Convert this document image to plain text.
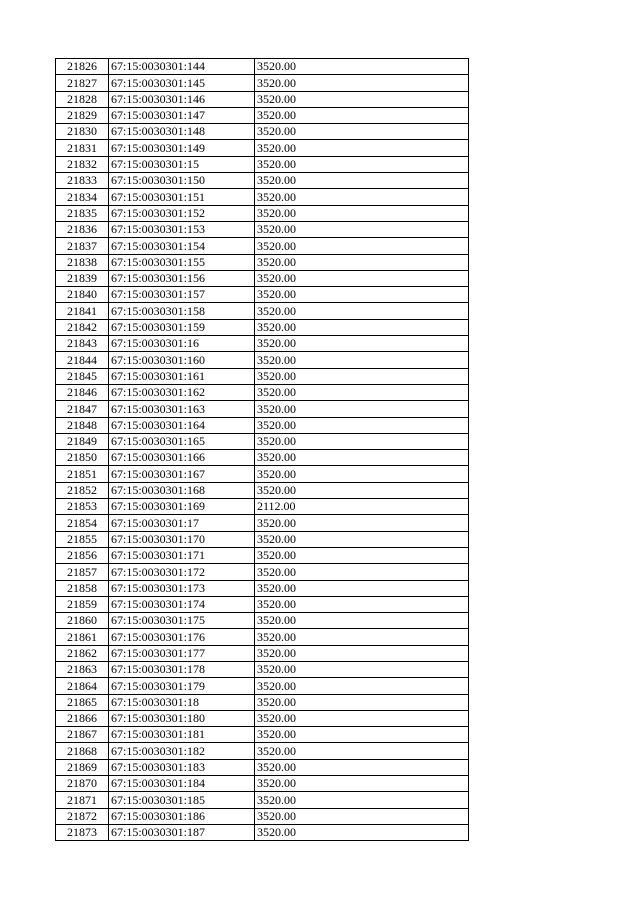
21826	67:15:0030301:144	3520.00
21827	67:15:0030301:145	3520.00
21828	67:15:0030301:146	3520.00
21829	67:15:0030301:147	3520.00
21830	67:15:0030301:148	3520.00
21831	67:15:0030301:149	3520.00
21832	67:15:0030301:15	3520.00
21833	67:15:0030301:150	3520.00
21834	67:15:0030301:151	3520.00
21835	67:15:0030301:152	3520.00
21836	67:15:0030301:153	3520.00
21837	67:15:0030301:154	3520.00
21838	67:15:0030301:155	3520.00
21839	67:15:0030301:156	3520.00
21840	67:15:0030301:157	3520.00
21841	67:15:0030301:158	3520.00
21842	67:15:0030301:159	3520.00
21843	67:15:0030301:16	3520.00
21844	67:15:0030301:160	3520.00
21845	67:15:0030301:161	3520.00
21846	67:15:0030301:162	3520.00
21847	67:15:0030301:163	3520.00
21848	67:15:0030301:164	3520.00
21849	67:15:0030301:165	3520.00
21850	67:15:0030301:166	3520.00
21851	67:15:0030301:167	3520.00
21852	67:15:0030301:168	3520.00
21853	67:15:0030301:169	2112.00
21854	67:15:0030301:17	3520.00
21855	67:15:0030301:170	3520.00
21856	67:15:0030301:171	3520.00
21857	67:15:0030301:172	3520.00
21858	67:15:0030301:173	3520.00
21859	67:15:0030301:174	3520.00
21860	67:15:0030301:175	3520.00
21861	67:15:0030301:176	3520.00
21862	67:15:0030301:177	3520.00
21863	67:15:0030301:178	3520.00
21864	67:15:0030301:179	3520.00
21865	67:15:0030301:18	3520.00
21866	67:15:0030301:180	3520.00
21867	67:15:0030301:181	3520.00
21868	67:15:0030301:182	3520.00
21869	67:15:0030301:183	3520.00
21870	67:15:0030301:184	3520.00
21871	67:15:0030301:185	3520.00
21872	67:15:0030301:186	3520.00
21873	67:15:0030301:187	3520.00
